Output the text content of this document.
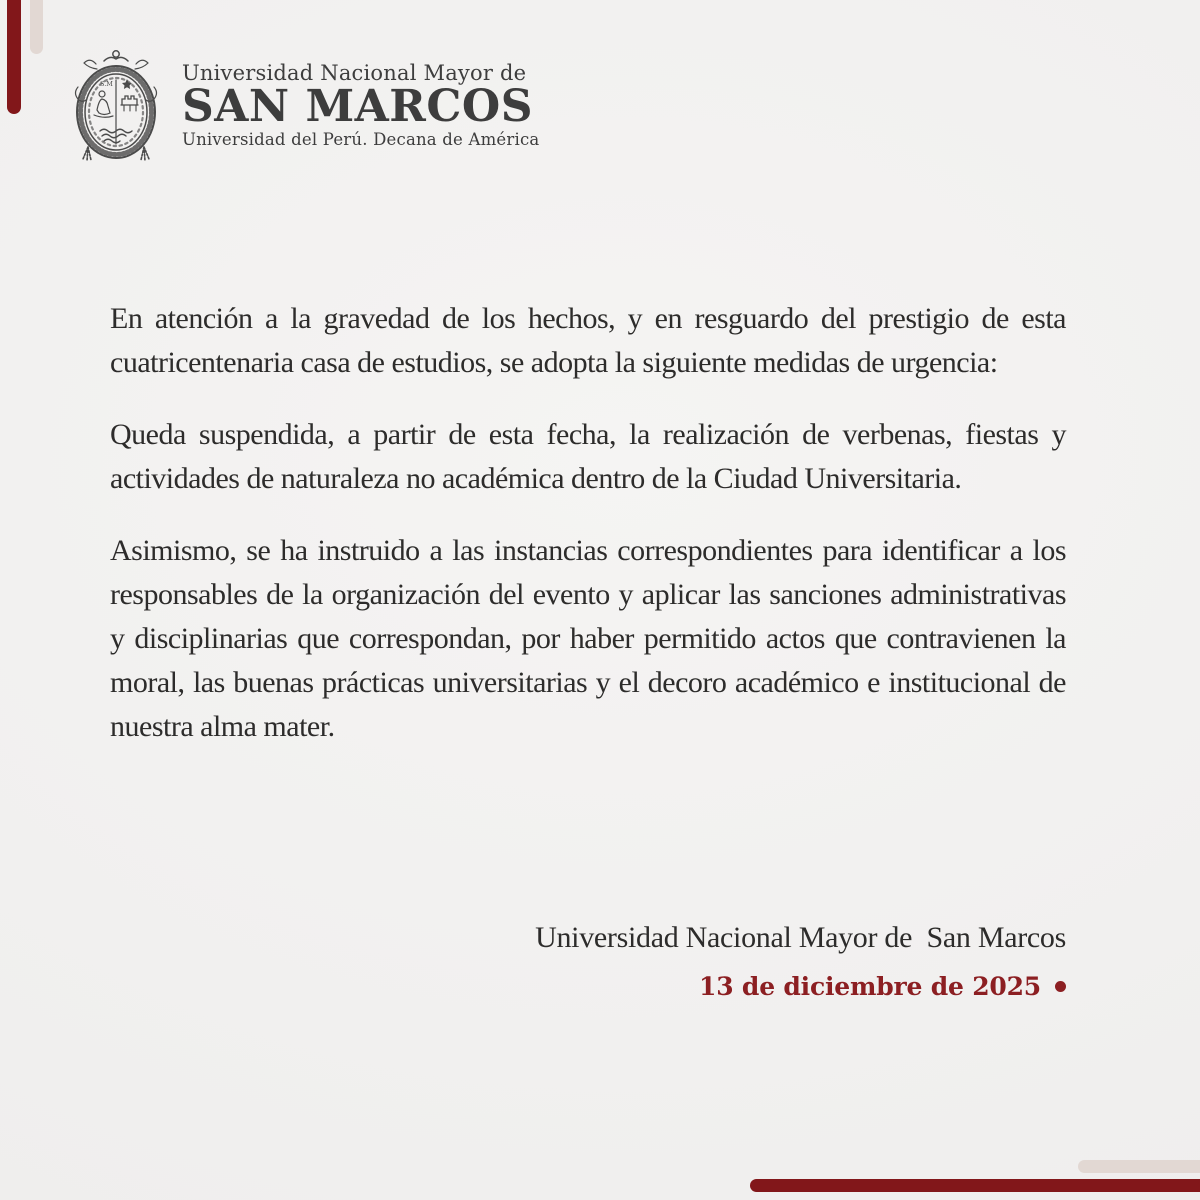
S.M	Universidad Nacional Mayor de
SAN MARCOS
Universidad del Perú. Decana de América

En atención a la gravedad de los hechos, y en resguardo del prestigio de esta cuatricentenaria casa de estudios, se adopta la siguiente medidas de urgencia:

Queda suspendida, a partir de esta fecha, la realización de verbenas, fiestas y actividades de naturaleza no académica dentro de la Ciudad Universitaria.

Asimismo, se ha instruido a las instancias correspondientes para identificar a los responsables de la organización del evento y aplicar las sanciones administrativas y disciplinarias que correspondan, por haber permitido actos que contravienen la moral, las buenas prácticas universitarias y el decoro académico e institucional de nuestra alma mater.

Universidad Nacional Mayor de  San Marcos
13 de diciembre de 2025
